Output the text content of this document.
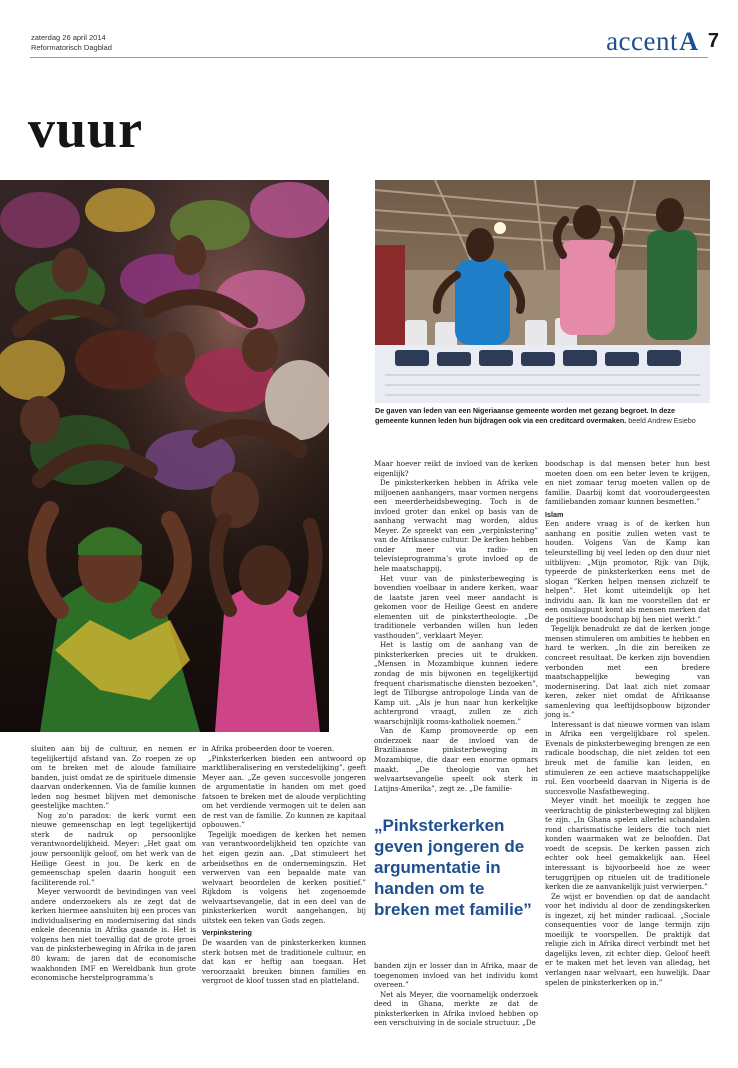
zaterdag 26 april 2014
Reformatorisch Dagblad	accent A 7
vuur
De gaven van leden van een Nigeriaanse gemeente worden met gezang begroet. In deze gemeente kunnen leden hun bijdragen ook via een creditcard overmaken. beeld Andrew Esiebo

sluiten aan bij de cultuur, en nemen er tegelijkertijd afstand van. Zo roepen ze op om te breken met de aloude familiaire banden, juist omdat ze de spirituele dimensie daarvan onderkennen. Via de familie kunnen leden nog besmet blijven met demonische geestelijke machten.”

Nog zo’n paradox: de kerk vormt een nieuwe gemeenschap en legt tegelijkertijd sterk de nadruk op persoonlijke verantwoordelijkheid. Meyer: „Het gaat om jouw persoonlijk geloof, om het werk van de Heilige Geest in jou. De kerk en de gemeenschap spelen daarin hooguit een faciliterende rol.”

Meyer verwoordt de bevindingen van veel andere onderzoekers als ze zegt dat de kerken hiermee aansluiten bij een proces van individualisering en modernisering dat sinds enkele decennia in Afrika gaande is. Het is volgens hen niet toevallig dat de grote groei van de pinksterbeweging in Afrika in de jaren 80 kwam: de jaren dat de economische waakhonden IMF en Wereldbank hun grote economische herstelprogramma’s

in Afrika probeerden door te voeren.

„Pinksterkerken bieden een antwoord op marktliberalisering en verstedelijking”, geeft Meyer aan. „Ze geven succesvolle jongeren de argumentatie in handen om met goed fatsoen te breken met de aloude verplichting om het verdiende vermogen uit te delen aan de rest van de familie. Zo kunnen ze kapitaal opbouwen.”

Tegelijk moedigen de kerken het nemen van verantwoordelijkheid ten opzichte van het eigen gezin aan. „Dat stimuleert het arbeidsethos en de ondernemingszin. Het verwerven van een bepaalde mate van welvaart beoordelen de kerken positief.” Rijkdom is volgens het zogenoemde welvaartsevangelie, dat in een deel van de pinksterkerken wordt aangehangen, bij uitstek een teken van Gods zegen.

Verpinkstering

De waarden van de pinksterkerken kunnen sterk botsen met de traditionele cultuur, en dat kan er heftig aan toegaan. Het veroorzaakt breuken binnen families en vergroot de kloof tussen stad en platteland.

Maar hoever reikt de invloed van de kerken eigenlijk?

De pinksterkerken hebben in Afrika vele miljoenen aanhangers, maar vormen nergens een meerderheidsbeweging. Toch is de invloed groter dan enkel op basis van de aanhang verwacht mag worden, aldus Meyer. Ze spreekt van een „verpinkstering” van de Afrikaanse cultuur. De kerken hebben onder meer via radio- en televisieprogramma’s grote invloed op de hele maatschappij.

Het vuur van de pinksterbeweging is bovendien voelbaar in andere kerken, waar de laatste jaren veel meer aandacht is gekomen voor de Heilige Geest en andere elementen uit de pinkstertheologie. „De traditionele verbanden willen hun leden vasthouden”, verklaart Meyer.

Het is lastig om de aanhang van de pinksterkerken precies uit te drukken. „Mensen in Mozambique kunnen iedere zondag de mis bijwonen en tegelijkertijd frequent charismatische diensten bezoeken”, legt de Tilburgse antropologe Linda van de Kamp uit. „Als je hun naar hun kerkelijke achtergrond vraagt, zullen ze zich waarschijnlijk rooms-katholiek noemen.”

Van de Kamp promoveerde op een onderzoek naar de invloed van de Braziliaanse pinksterbeweging in Mozambique, die daar een enorme opmars maakt. „De theologie van het welvaartsevangelie speelt ook sterk in Latijns-Amerika”, zegt ze. „De familie-

„Pinksterkerken geven jongeren de argumentatie in handen om te breken met familie”

banden zijn er losser dan in Afrika, maar de toegenomen invloed van het individu komt overeen.”

Net als Meyer, die voornamelijk onderzoek deed in Ghana, merkte ze dat de pinksterkerken in Afrika invloed hebben op een verschuiving in de sociale structuur. „De

boodschap is dat mensen beter hun best moeten doen om een beter leven te krijgen, en niet zomaar terug moeten vallen op de familie. Daarbij komt dat vooroudergeesten familiebanden zomaar kunnen besmetten.”

Islam

Een andere vraag is of de kerken hun aanhang en positie zullen weten vast te houden. Volgens Van de Kamp kan teleurstelling bij veel leden op den duur niet uitblijven: „Mijn promotor, Rijk van Dijk, typeerde de pinksterkerken eens met de slogan ”Kerken helpen mensen zichzelf te helpen”. Het komt uiteindelijk op het individu aan. Ik kan me voorstellen dat er een omslagpunt komt als mensen merken dat de positieve boodschap bij hen niet werkt.”

Tegelijk benadrukt ze dat de kerken jonge mensen stimuleren om ambities te hebben en hard te werken. „In die zin bereiken ze concreet resultaat. De kerken zijn bovendien verbonden met een bredere maatschappelijke beweging van modernisering. Dat laat zich niet zomaar keren, zeker niet omdat de Afrikaanse samenleving qua leeftijdsopbouw bijzonder jong is.”

Interessant is dat nieuwe vormen van islam in Afrika een vergelijkbare rol spelen. Evenals de pinksterbeweging brengen ze een radicale boodschap, die niet zelden tot een breuk met de familie kan leiden, en stimuleren ze een actieve maatschappelijke rol. Een voorbeeld daarvan in Nigeria is de succesvolle Nasfatbeweging.

Meyer vindt het moeilijk te zeggen hoe veerkrachtig de pinksterbeweging zal blijken te zijn. „In Ghana spelen allerlei schandalen rond charismatische leiders die toch niet konden waarmaken wat ze beloofden. Dat voedt de scepsis. De kerken passen zich echter ook heel gemakkelijk aan. Heel interessant is bijvoorbeeld hoe ze weer teruggrijpen op rituelen uit de traditionele kerken die ze aanvankelijk juist verwierpen.”

Ze wijst er bovendien op dat de aandacht voor het individu al door de zendingskerken is ingezet, zij het minder radicaal. „Sociale consequenties voor de lange termijn zijn moeilijk te voorspellen. De praktijk dat religie zich in Afrika direct verbindt met het dagelijks leven, zit echter diep. Geloof heeft er te maken met het leven van alledag, het verlangen naar welvaart, een huwelijk. Daar spelen de pinksterkerken op in.”
